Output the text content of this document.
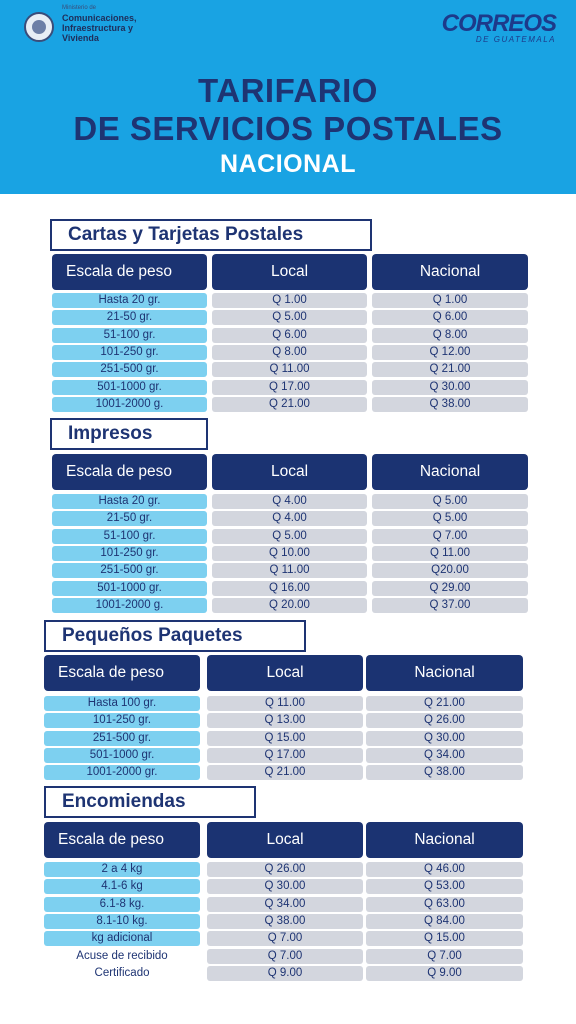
Ministerio de
Comunicaciones,
Infraestructura y
Vivienda
CORREOS
DE GUATEMALA
TARIFARIO
DE SERVICIOS POSTALES
NACIONAL
Cartas y Tarjetas Postales
Escala de peso	Local	Nacional
Hasta 20 gr.	Q 1.00	Q 1.00
21-50 gr.	Q 5.00	Q 6.00
51-100 gr.	Q 6.00	Q 8.00
101-250 gr.	Q 8.00	Q 12.00
251-500 gr.	Q 11.00	Q 21.00
501-1000 gr.	Q 17.00	Q 30.00
1001-2000 g.	Q 21.00	Q 38.00
Impresos
Escala de peso	Local	Nacional
Hasta 20 gr.	Q 4.00	Q 5.00
21-50 gr.	Q 4.00	Q 5.00
51-100 gr.	Q 5.00	Q 7.00
101-250 gr.	Q 10.00	Q 11.00
251-500 gr.	Q 11.00	Q20.00
501-1000 gr.	Q 16.00	Q 29.00
1001-2000 g.	Q 20.00	Q 37.00
Pequeños Paquetes
Escala de peso	Local	Nacional
Hasta 100 gr.	Q 11.00	Q 21.00
101-250 gr.	Q 13.00	Q 26.00
251-500 gr.	Q 15.00	Q 30.00
501-1000 gr.	Q 17.00	Q 34.00
1001-2000 gr.	Q 21.00	Q 38.00
Encomiendas
Escala de peso	Local	Nacional
2 a 4 kg	Q 26.00	Q 46.00
4.1-6 kg	Q 30.00	Q 53.00
6.1-8 kg.	Q 34.00	Q 63.00
8.1-10 kg.	Q 38.00	Q 84.00
kg adicional	Q 7.00	Q 15.00
Acuse de recibido	Q 7.00	Q 7.00
Certificado	Q 9.00	Q 9.00
